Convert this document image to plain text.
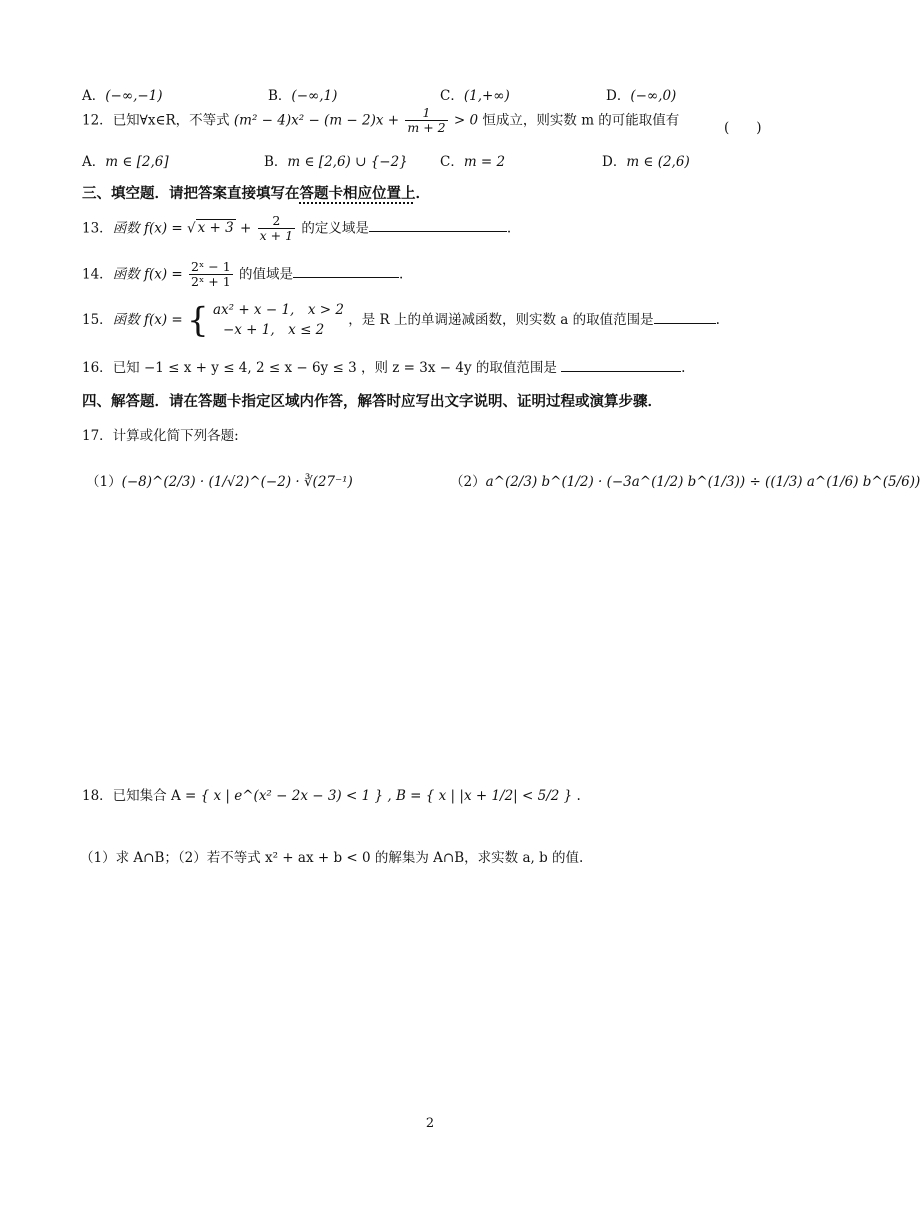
A．(−∞,−1)	B．(−∞,1)	C．(1,+∞)	D．(−∞,0)
12．已知∀x∈R，不等式 $(m^2 - 4)x^2 - (m - 2)x + \frac{1}{m + 2} > 0$ 恒成立，则实数 m 的可能取值有	(　　)
A．m ∈ [2,6]	B．m ∈ [2,6) ∪ {−2} C．m = 2	D．m ∈ (2,6)
三、填空题．请把答案直接填写在答题卡相应位置上．
13．函数 f(x) = √ $x + 3 + \frac{2}{x + 1}$ 的定义域是	.
14．函数 $f(x) = \frac{\text{2ˣ − 1}}{\text{2ˣ + 1}}$ 的值域是	.
15．函数 f(x) = { ax² + x − 1,　x > 2
−x + 1,　x ≤ 2
，是 R 上的单调递减函数，则实数 a 的取值范围是	.
16．已知 −1 ≤ x + y ≤ 4, 2 ≤ x − 6y ≤ 3 ，则 z = 3x − 4y 的取值范围是	.
四、解答题．请在答题卡指定区域内作答，解答时应写出文字说明、证明过程或演算步骤．
17．计算或化简下列各题:
（1）(−8)^(2/3) · (1/√2)^(−2) · ∛(27⁻¹)	（2）a^(2/3) b^(1/2) · (−3a^(1/2) b^(1/3)) ÷ ((1/3) a^(1/6) b^(5/6))
18．已知集合 A = { x | e^(x² − 2x − 3) < 1 } , B = { x | |x + 1/2| < 5/2 } .
（1）求 A∩B；（2）若不等式 x² + ax + b < 0 的解集为 A∩B，求实数 a, b 的值.
2
